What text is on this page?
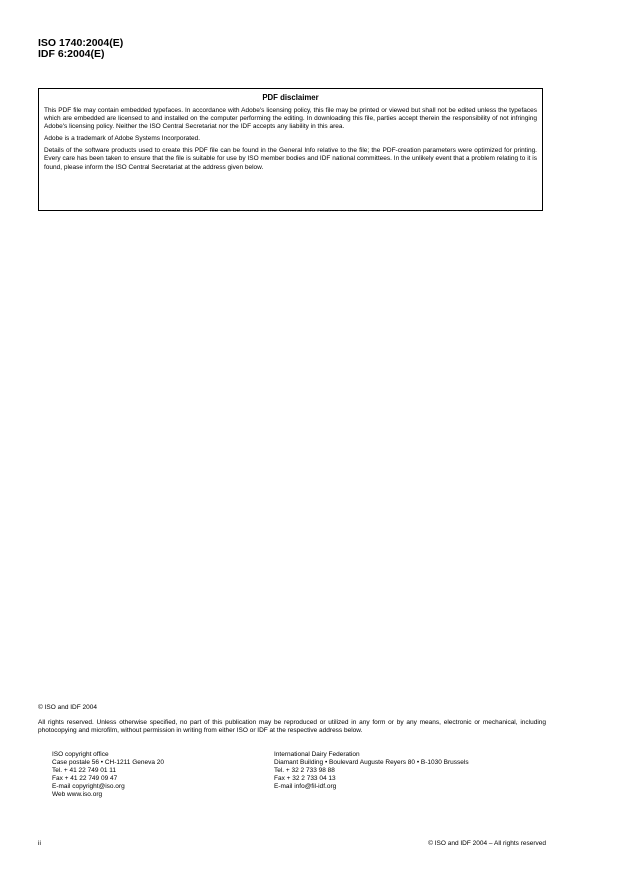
ISO 1740:2004(E)
IDF 6:2004(E)
PDF disclaimer

This PDF file may contain embedded typefaces. In accordance with Adobe's licensing policy, this file may be printed or viewed but shall not be edited unless the typefaces which are embedded are licensed to and installed on the computer performing the editing. In downloading this file, parties accept therein the responsibility of not infringing Adobe's licensing policy. Neither the ISO Central Secretariat nor the IDF accepts any liability in this area.

Adobe is a trademark of Adobe Systems Incorporated.

Details of the software products used to create this PDF file can be found in the General Info relative to the file; the PDF-creation parameters were optimized for printing. Every care has been taken to ensure that the file is suitable for use by ISO member bodies and IDF national committees. In the unlikely event that a problem relating to it is found, please inform the ISO Central Secretariat at the address given below.

© ISO and IDF 2004

All rights reserved. Unless otherwise specified, no part of this publication may be reproduced or utilized in any form or by any means, electronic or mechanical, including photocopying and microfilm, without permission in writing from either ISO or IDF at the respective address below.

ISO copyright office
Case postale 56 • CH-1211 Geneva 20
Tel. + 41 22 749 01 11
Fax + 41 22 749 09 47
E-mail copyright@iso.org
Web www.iso.org
International Dairy Federation
Diamant Building • Boulevard Auguste Reyers 80 • B-1030 Brussels
Tel. + 32 2 733 98 88
Fax + 32 2 733 04 13
E-mail info@fil-idf.org
ii	© ISO and IDF 2004 – All rights reserved
